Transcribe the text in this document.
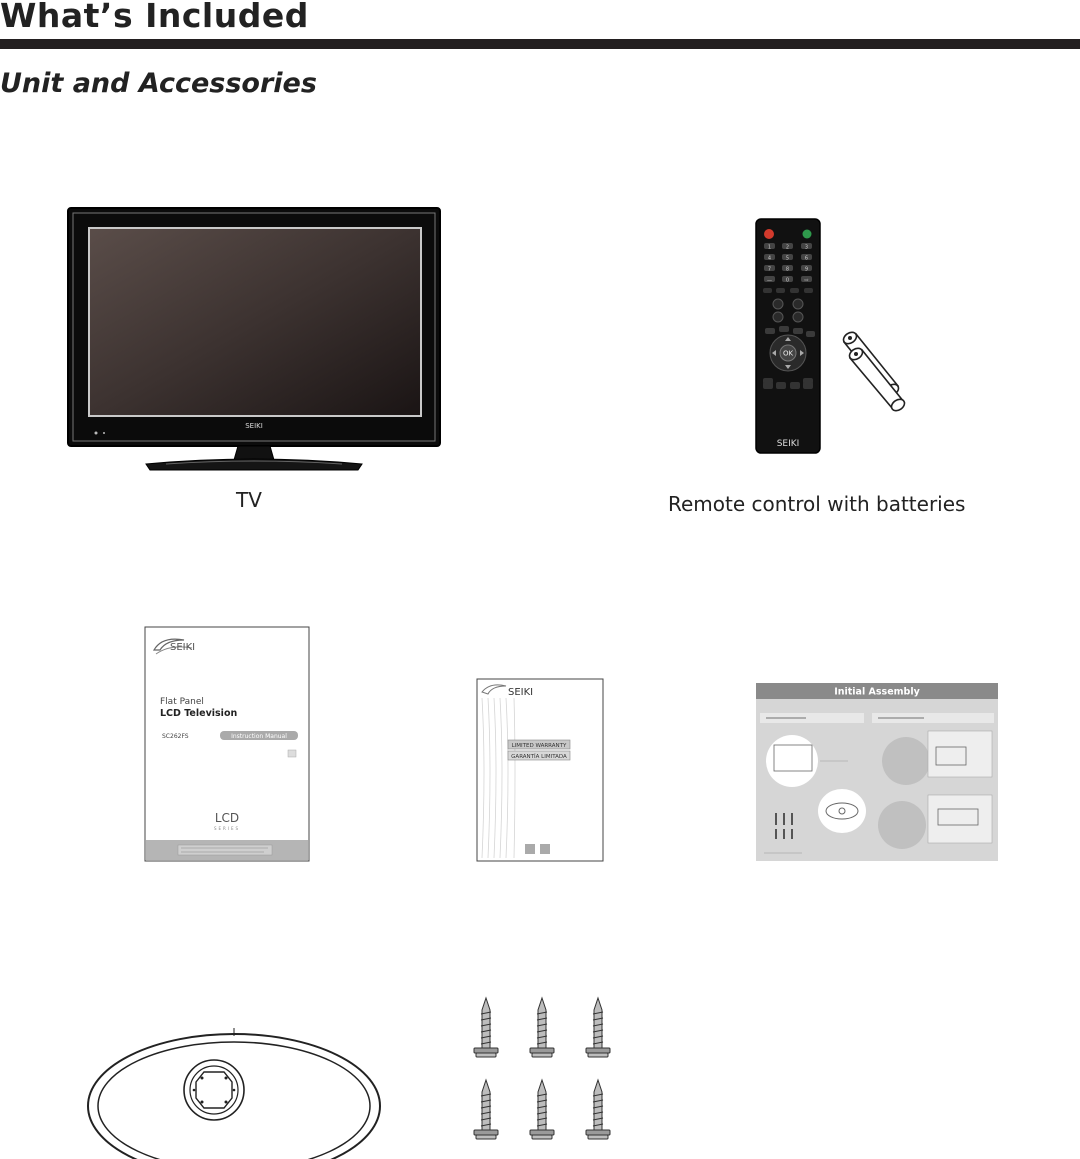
What’s Included
Unit and Accessories
SEIKI
TV
1	2	3
4	5	6
7	8	9
—	0	⇨
OK
SEIKI
Remote control with batteries
SEIKI
Flat Panel
LCD Television
SC262FS	Instruction Manual
LCD
SERIES
SEIKI
LIMITED WARRANTY
GARANTÍA LIMITADA
Initial Assembly
